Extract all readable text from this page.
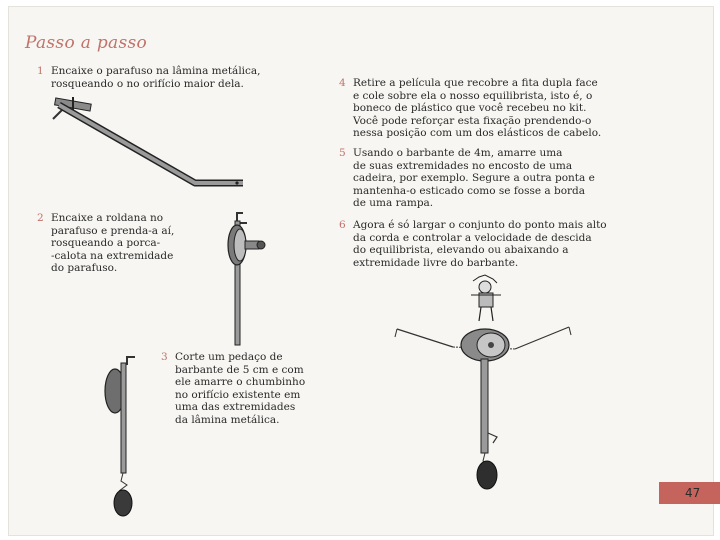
Passo a passo
1 Encaixe o parafuso na lâmina metálica,
rosqueando o no orifício maior dela.
2 Encaixe a roldana no
parafuso e prenda-a aí,
rosqueando a porca-
-calota na extremidade
do parafuso.
3 Corte um pedaço de
barbante de 5 cm e com
ele amarre o chumbinho
no orifício existente em
uma das extremidades
da lâmina metálica.
4 Retire a película que recobre a fita dupla face
e cole sobre ela o nosso equilibrista, isto é, o
boneco de plástico que você recebeu no kit.
Você pode reforçar esta fixação prendendo-o
nessa posição com um dos elásticos de cabelo.
5 Usando o barbante de 4m, amarre uma
de suas extremidades no encosto de uma
cadeira, por exemplo. Segure a outra ponta e
mantenha-o esticado como se fosse a borda
de uma rampa.
6 Agora é só largar o conjunto do ponto mais alto
da corda e controlar a velocidade de descida
do equilibrista, elevando ou abaixando a
extremidade livre do barbante.
47
